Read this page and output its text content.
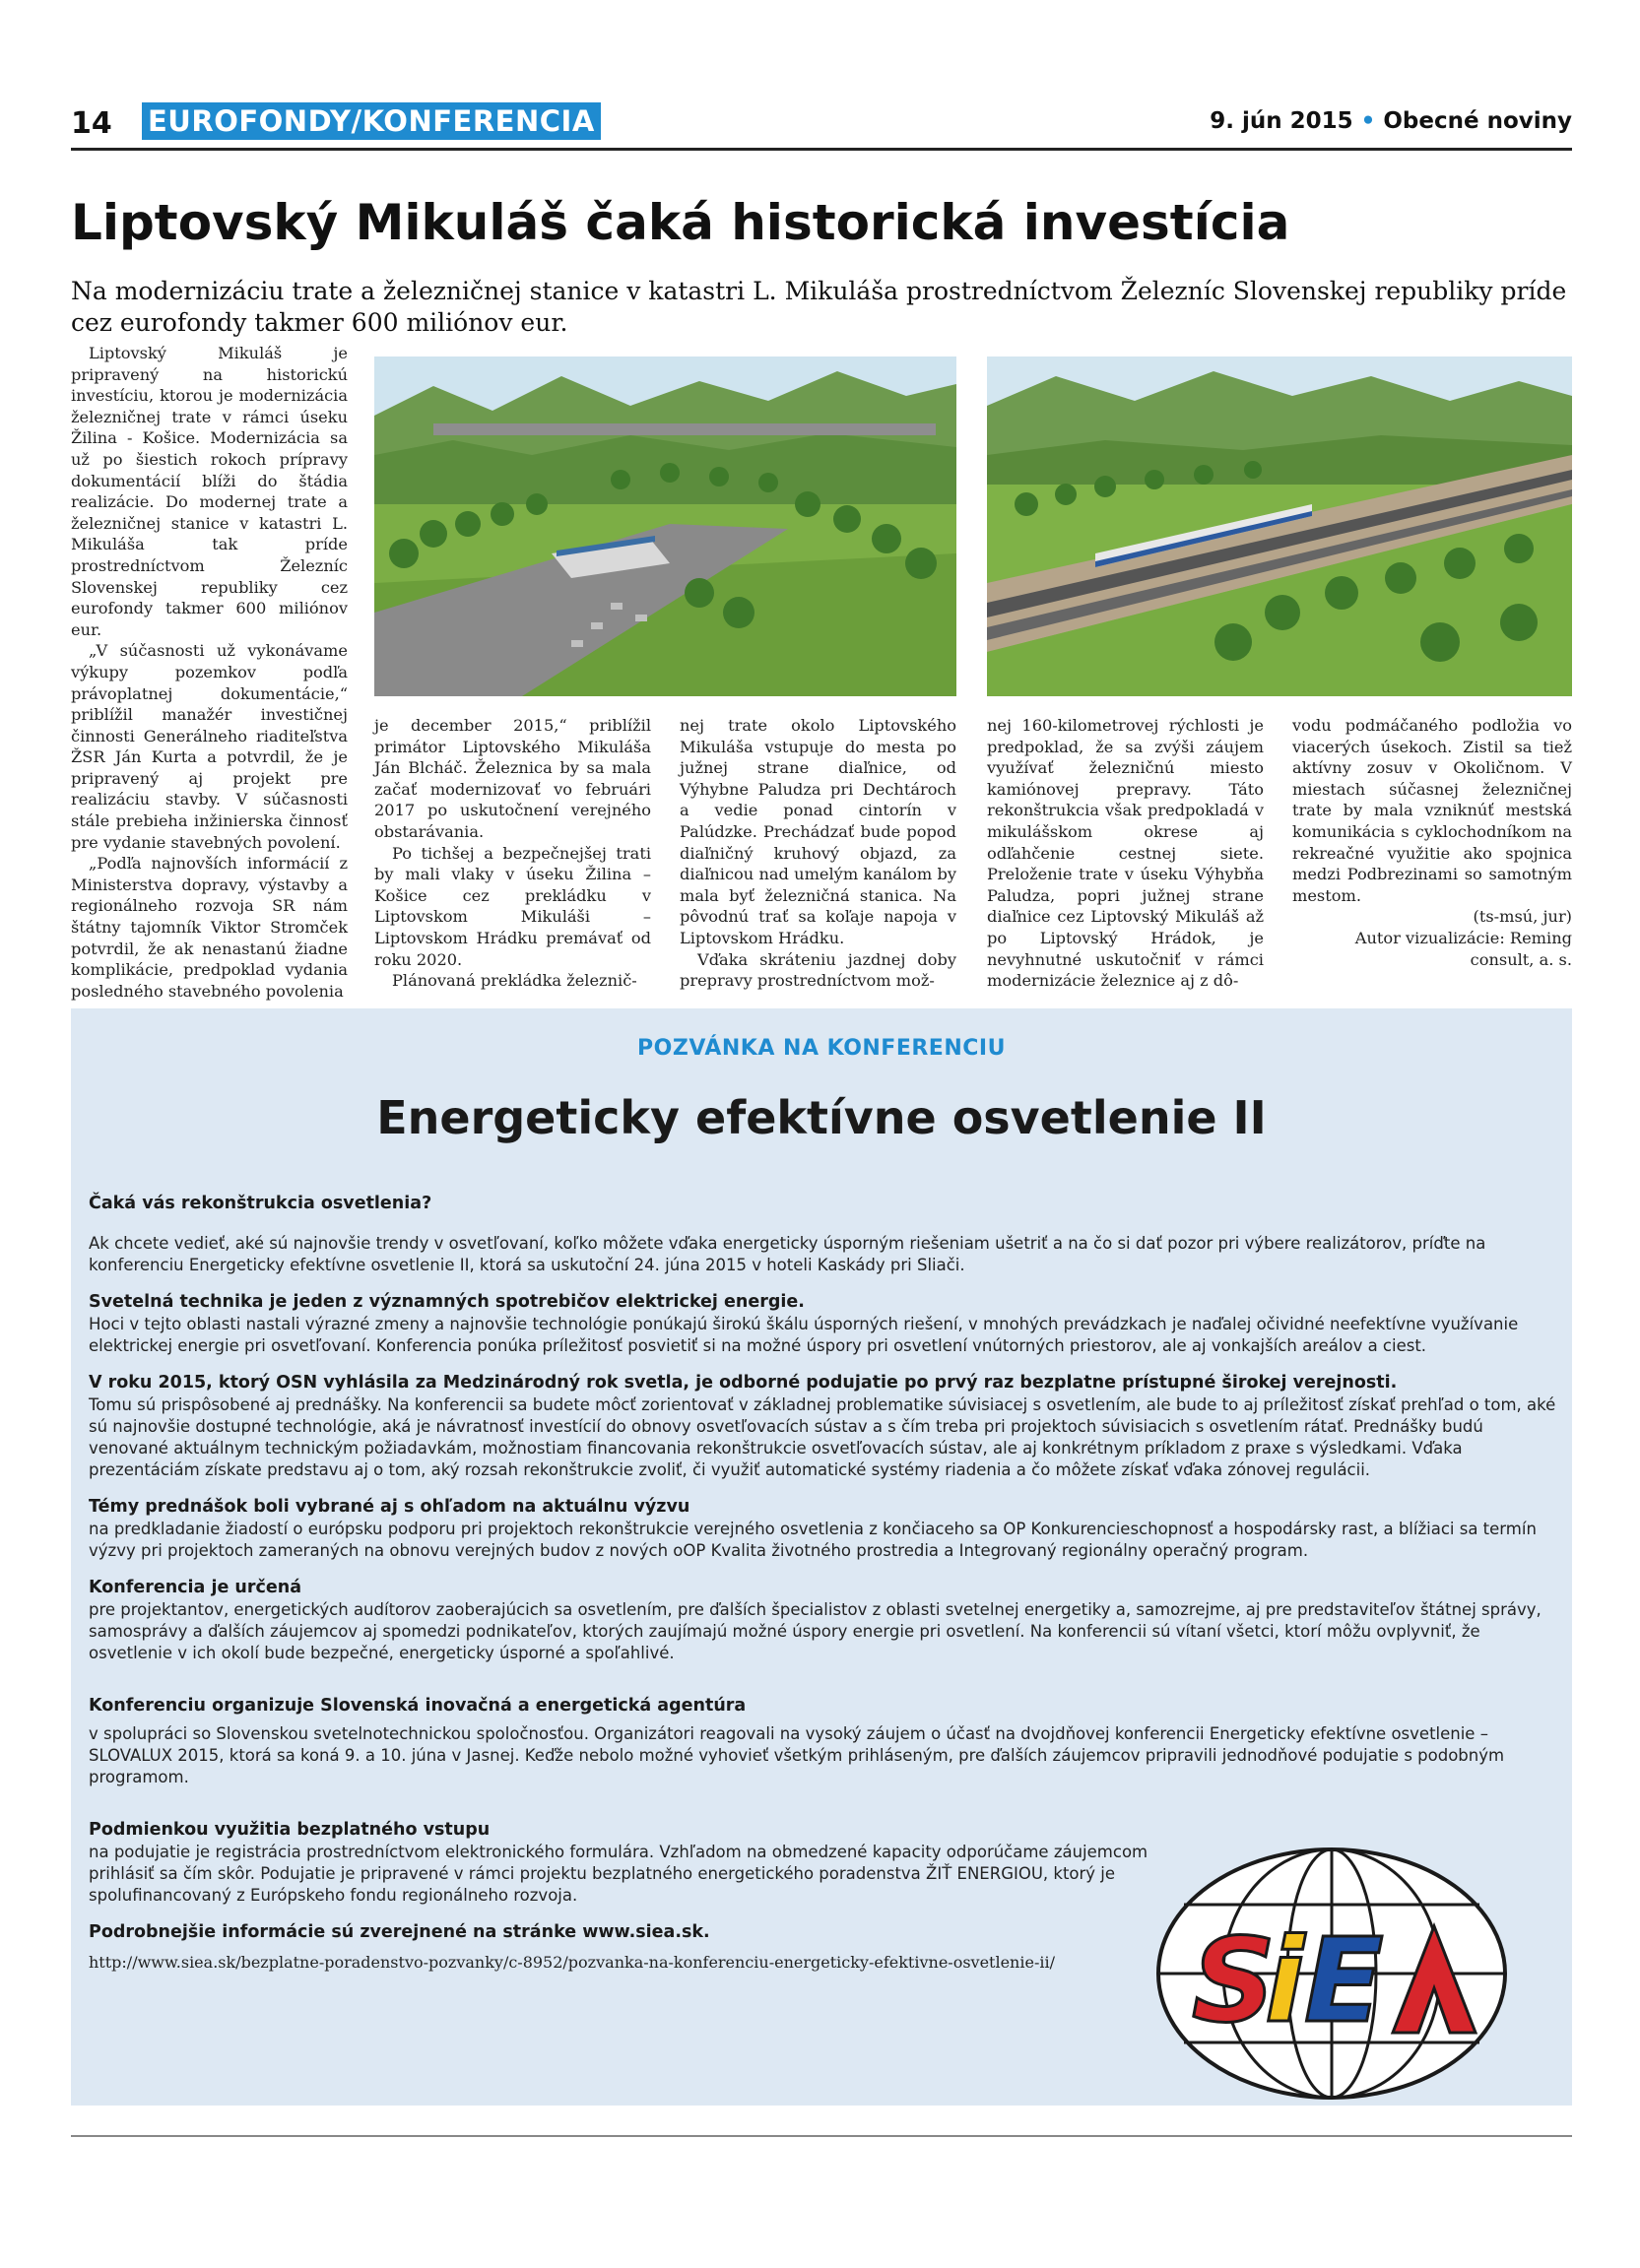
14 EUROFONDY/KONFERENCIA	9. jún 2015 • Obecné noviny
Liptovský Mikuláš čaká historická investícia
Na modernizáciu trate a železničnej stanice v katastri L. Mikuláša prostredníctvom Železníc Slovenskej republiky príde cez eurofondy takmer 600 miliónov eur.

Liptovský Mikuláš je pripravený na historickú investíciu, ktorou je modernizácia železničnej trate v rámci úseku Žilina - Košice. Modernizácia sa už po šiestich rokoch prípravy dokumentácií blíži do štádia realizácie. Do modernej trate a železničnej stanice v katastri L. Mikuláša tak príde prostredníctvom Železníc Slovenskej republiky cez eurofondy takmer 600 miliónov eur.

„V súčasnosti už vykonávame výkupy pozemkov podľa právoplatnej dokumentácie,“ priblížil manažér investičnej činnosti Generálneho riaditeľstva ŽSR Ján Kurta a potvrdil, že je pripravený aj projekt pre realizáciu stavby. V súčasnosti stále prebieha inžinierska činnosť pre vydanie stavebných povolení.

„Podľa najnovších informácií z Ministerstva dopravy, výstavby a regionálneho rozvoja SR nám štátny tajomník Viktor Stromček potvrdil, že ak nenastanú žiadne komplikácie, predpoklad vydania posledného stavebného povolenia

je december 2015,“ priblížil primátor Liptovského Mikuláša Ján Blcháč. Železnica by sa mala začať modernizovať vo februári 2017 po uskutočnení verejného obstarávania.

Po tichšej a bezpečnejšej trati by mali vlaky v úseku Žilina – Košice cez prekládku v Liptovskom Mikuláši – Liptovskom Hrádku premávať od roku 2020.

Plánovaná prekládka železnič-

nej trate okolo Liptovského Mikuláša vstupuje do mesta po južnej strane diaľnice, od Výhybne Paludza pri Dechtároch a vedie ponad cintorín v Palúdzke. Prechádzať bude popod diaľničný kruhový objazd, za diaľnicou nad umelým kanálom by mala byť železničná stanica. Na pôvodnú trať sa koľaje napoja v Liptovskom Hrádku.

Vďaka skráteniu jazdnej doby prepravy prostredníctvom mož-

nej 160-kilometrovej rýchlosti je predpoklad, že sa zvýši záujem využívať železničnú miesto kamiónovej prepravy. Táto rekonštrukcia však predpokladá v mikulášskom okrese aj odľahčenie cestnej siete. Preloženie trate v úseku Výhybňa Paludza, popri južnej strane diaľnice cez Liptovský Mikuláš až po Liptovský Hrádok, je nevyhnutné uskutočniť v rámci modernizácie železnice aj z dô-

vodu podmáčaného podložia vo viacerých úsekoch. Zistil sa tiež aktívny zosuv v Okoličnom. V miestach súčasnej železničnej trate by mala vzniknúť mestská komunikácia s cyklochodníkom na rekreačné využitie ako spojnica medzi Podbrezinami so samotným mestom.

(ts-msú, jur)

Autor vizualizácie: Reming consult, a. s.

POZVÁNKA NA KONFERENCIU
Energeticky efektívne osvetlenie II
Čaká vás rekonštrukcia osvetlenia?

Ak chcete vedieť, aké sú najnovšie trendy v osvetľovaní, koľko môžete vďaka energeticky úsporným riešeniam ušetriť a na čo si dať pozor pri výbere realizátorov, príďte na konferenciu Energeticky efektívne osvetlenie II, ktorá sa uskutoční 24. júna 2015 v hoteli Kaskády pri Sliači.

Svetelná technika je jeden z významných spotrebičov elektrickej energie.

Hoci v tejto oblasti nastali výrazné zmeny a najnovšie technológie ponúkajú širokú škálu úsporných riešení, v mnohých prevádzkach je naďalej očividné neefektívne využívanie elektrickej energie pri osvetľovaní. Konferencia ponúka príležitosť posvietiť si na možné úspory pri osvetlení vnútorných priestorov, ale aj vonkajších areálov a ciest.

V roku 2015, ktorý OSN vyhlásila za Medzinárodný rok svetla, je odborné podujatie po prvý raz bezplatne prístupné širokej verejnosti.

Tomu sú prispôsobené aj prednášky. Na konferencii sa budete môcť zorientovať v základnej problematike súvisiacej s osvetlením, ale bude to aj príležitosť získať prehľad o tom, aké sú najnovšie dostupné technológie, aká je návratnosť investícií do obnovy osvetľovacích sústav a s čím treba pri projektoch súvisiacich s osvetlením rátať. Prednášky budú venované aktuálnym technickým požiadavkám, možnostiam financovania rekonštrukcie osvetľovacích sústav, ale aj konkrétnym príkladom z praxe s výsledkami. Vďaka prezentáciám získate predstavu aj o tom, aký rozsah rekonštrukcie zvoliť, či využiť automatické systémy riadenia a čo môžete získať vďaka zónovej regulácii.

Témy prednášok boli vybrané aj s ohľadom na aktuálnu výzvu

na predkladanie žiadostí o európsku podporu pri projektoch rekonštrukcie verejného osvetlenia z končiaceho sa OP Konkurencieschopnosť a hospodársky rast, a blížiaci sa termín výzvy pri projektoch zameraných na obnovu verejných budov z nových oOP Kvalita životného prostredia a Integrovaný regionálny operačný program.

Konferencia je určená

pre projektantov, energetických audítorov zaoberajúcich sa osvetlením, pre ďalších špecialistov z oblasti svetelnej energetiky a, samozrejme, aj pre predstaviteľov štátnej správy, samosprávy a ďalších záujemcov aj spomedzi podnikateľov, ktorých zaujímajú možné úspory energie pri osvetlení. Na konferencii sú vítaní všetci, ktorí môžu ovplyvniť, že osvetlenie v ich okolí bude bezpečné, energeticky úsporné a spoľahlivé.

Konferenciu organizuje Slovenská inovačná a energetická agentúra

v spolupráci so Slovenskou svetelnotechnickou spoločnosťou. Organizátori reagovali na vysoký záujem o účasť na dvojdňovej konferencii Energeticky efektívne osvetlenie – SLOVALUX 2015, ktorá sa koná 9. a 10. júna v Jasnej. Keďže nebolo možné vyhovieť všetkým prihláseným, pre ďalších záujemcov pripravili jednodňové podujatie s podobným programom.

Podmienkou využitia bezplatného vstupu

na podujatie je registrácia prostredníctvom elektronického formulára. Vzhľadom na obmedzené kapacity odporúčame záujemcom prihlásiť sa čím skôr. Podujatie je pripravené v rámci projektu bezplatného energetického poradenstva ŽIŤ ENERGIOU, ktorý je spolufinancovaný z Európskeho fondu regionálneho rozvoja.

Podrobnejšie informácie sú zverejnené na stránke www.siea.sk.

http://www.siea.sk/bezplatne-poradenstvo-pozvanky/c-8952/pozvanka-na-konferenciu-energeticky-efektivne-osvetlenie-ii/	S
i E
